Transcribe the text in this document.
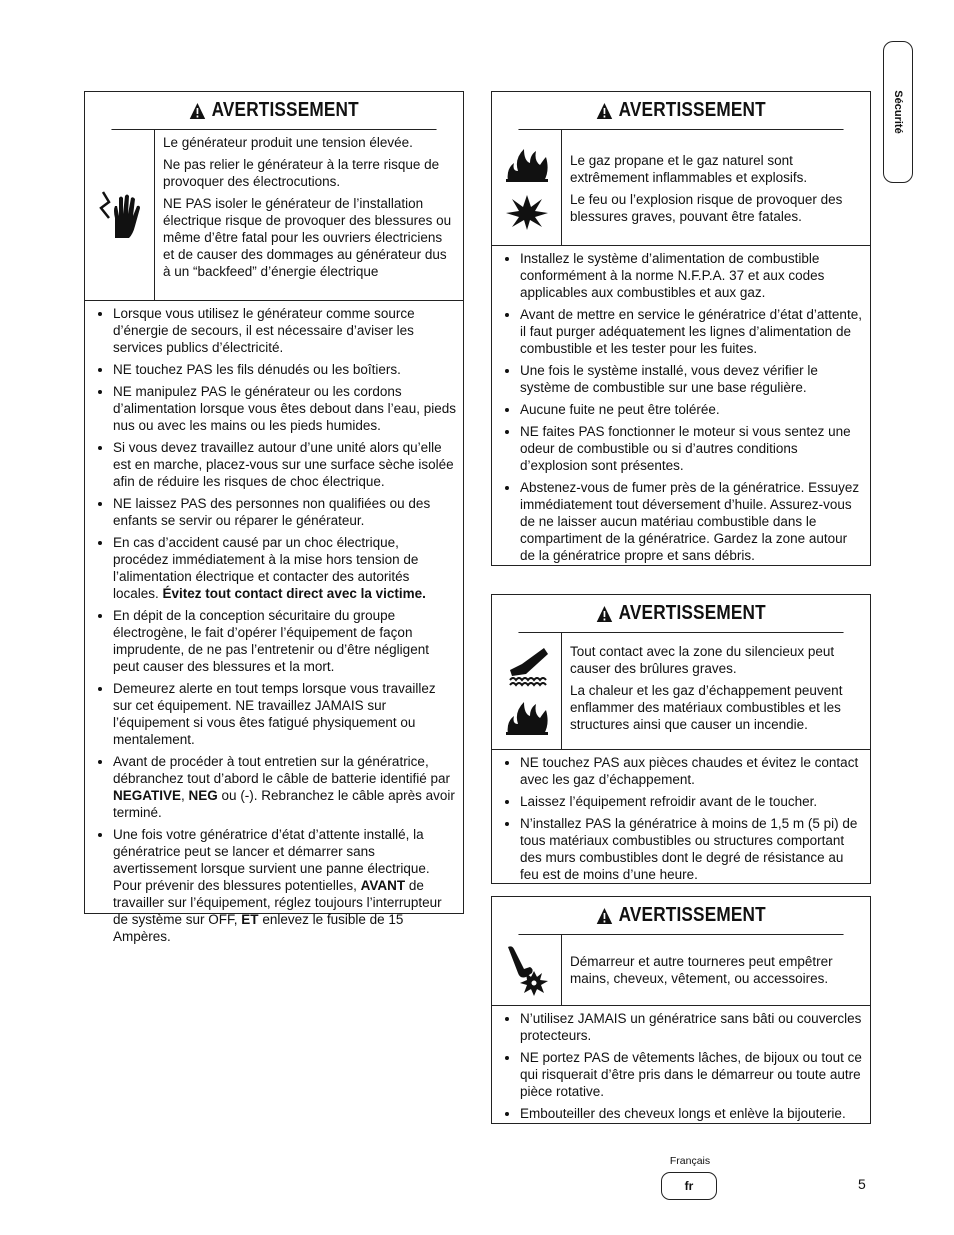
Sécurité
AVERTISSEMENT

Le générateur produit une tension élevée.

Ne pas relier le générateur à la terre risque de provoquer des électrocutions.

NE PAS isoler le générateur de l’installation électrique risque de provoquer des blessures ou même d’être fatal pour les ouvriers électriciens et de causer des dommages au générateur dus à un “backfeed” d’énergie électrique

• Lorsque vous utilisez le générateur comme source d’énergie de secours, il est nécessaire d’aviser les services publics d’électricité.
• NE touchez PAS les fils dénudés ou les boîtiers.
• NE manipulez PAS le générateur ou les cordons d’alimentation lorsque vous êtes debout dans l’eau, pieds nus ou avec les mains ou les pieds humides.
• Si vous devez travaillez autour d’une unité alors qu’elle est en marche, placez-vous sur une surface sèche isolée afin de réduire les risques de choc électrique.
• NE laissez PAS des personnes non qualifiées ou des enfants se servir ou réparer le générateur.
• En cas d’accident causé par un choc électrique, procédez immédiatement à la mise hors tension de l’alimentation électrique et contacter des autorités locales. Évitez tout contact direct avec la victime.
• En dépit de la conception sécuritaire du groupe électrogène, le fait d’opérer l’équipement de façon imprudente, de ne pas l’entretenir ou d’être négligent peut causer des blessures et la mort.
• Demeurez alerte en tout temps lorsque vous travaillez sur cet équipement. NE travaillez JAMAIS sur l’équipement si vous êtes fatigué physiquement ou mentalement.
• Avant de procéder à tout entretien sur la génératrice, débranchez tout d’abord le câble de batterie identifié par NEGATIVE, NEG ou (-). Rebranchez le câble après avoir terminé.
• Une fois votre génératrice d’état d’attente installé, la génératrice peut se lancer et démarrer sans avertissement lorsque survient une panne électrique. Pour prévenir des blessures potentielles, AVANT de travailler sur l’équipement, réglez toujours l’interrupteur de système sur OFF, ET enlevez le fusible de 15 Ampères.
AVERTISSEMENT

Le gaz propane et le gaz naturel sont extrêmement inflammables et explosifs.

Le feu ou l’explosion risque de provoquer des blessures graves, pouvant être fatales.

• Installez le système d’alimentation de combustible conformément à la norme N.F.P.A. 37 et aux codes applicables aux combustibles et aux gaz.
• Avant de mettre en service le génératrice d’état d’attente, il faut purger adéquatement les lignes d’alimentation de combustible et les tester pour les fuites.
• Une fois le système installé, vous devez vérifier le système de combustible sur une base régulière.
• Aucune fuite ne peut être tolérée.
• NE faites PAS fonctionner le moteur si vous sentez une odeur de combustible ou si d’autres conditions d’explosion sont présentes.
• Abstenez-vous de fumer près de la génératrice. Essuyez immédiatement tout déversement d’huile. Assurez-vous de ne laisser aucun matériau combustible dans le compartiment de la génératrice. Gardez la zone autour de la génératrice propre et sans débris.
AVERTISSEMENT

Tout contact avec la zone du silencieux peut causer des brûlures graves.

La chaleur et les gaz d’échappement peuvent enflammer des matériaux combustibles et les structures ainsi que causer un incendie.

• NE touchez PAS aux pièces chaudes et évitez le contact avec les gaz d’échappement.
• Laissez l’équipement refroidir avant de le toucher.
• N’installez PAS la génératrice à moins de 1,5 m (5 pi) de tous matériaux combustibles ou structures comportant des murs combustibles dont le degré de résistance au feu est de moins d’une heure.
AVERTISSEMENT

Démarreur et autre tourneres peut empêtrer mains, cheveux, vêtement, ou accessoires.

• N’utilisez JAMAIS un génératrice sans bâti ou couvercles protecteurs.
• NE portez PAS de vêtements lâches, de bijoux ou tout ce qui risquerait d’être pris dans le démarreur ou toute autre pièce rotative.
• Embouteiller des cheveux longs et enlève la bijouterie.
Français
fr	5
